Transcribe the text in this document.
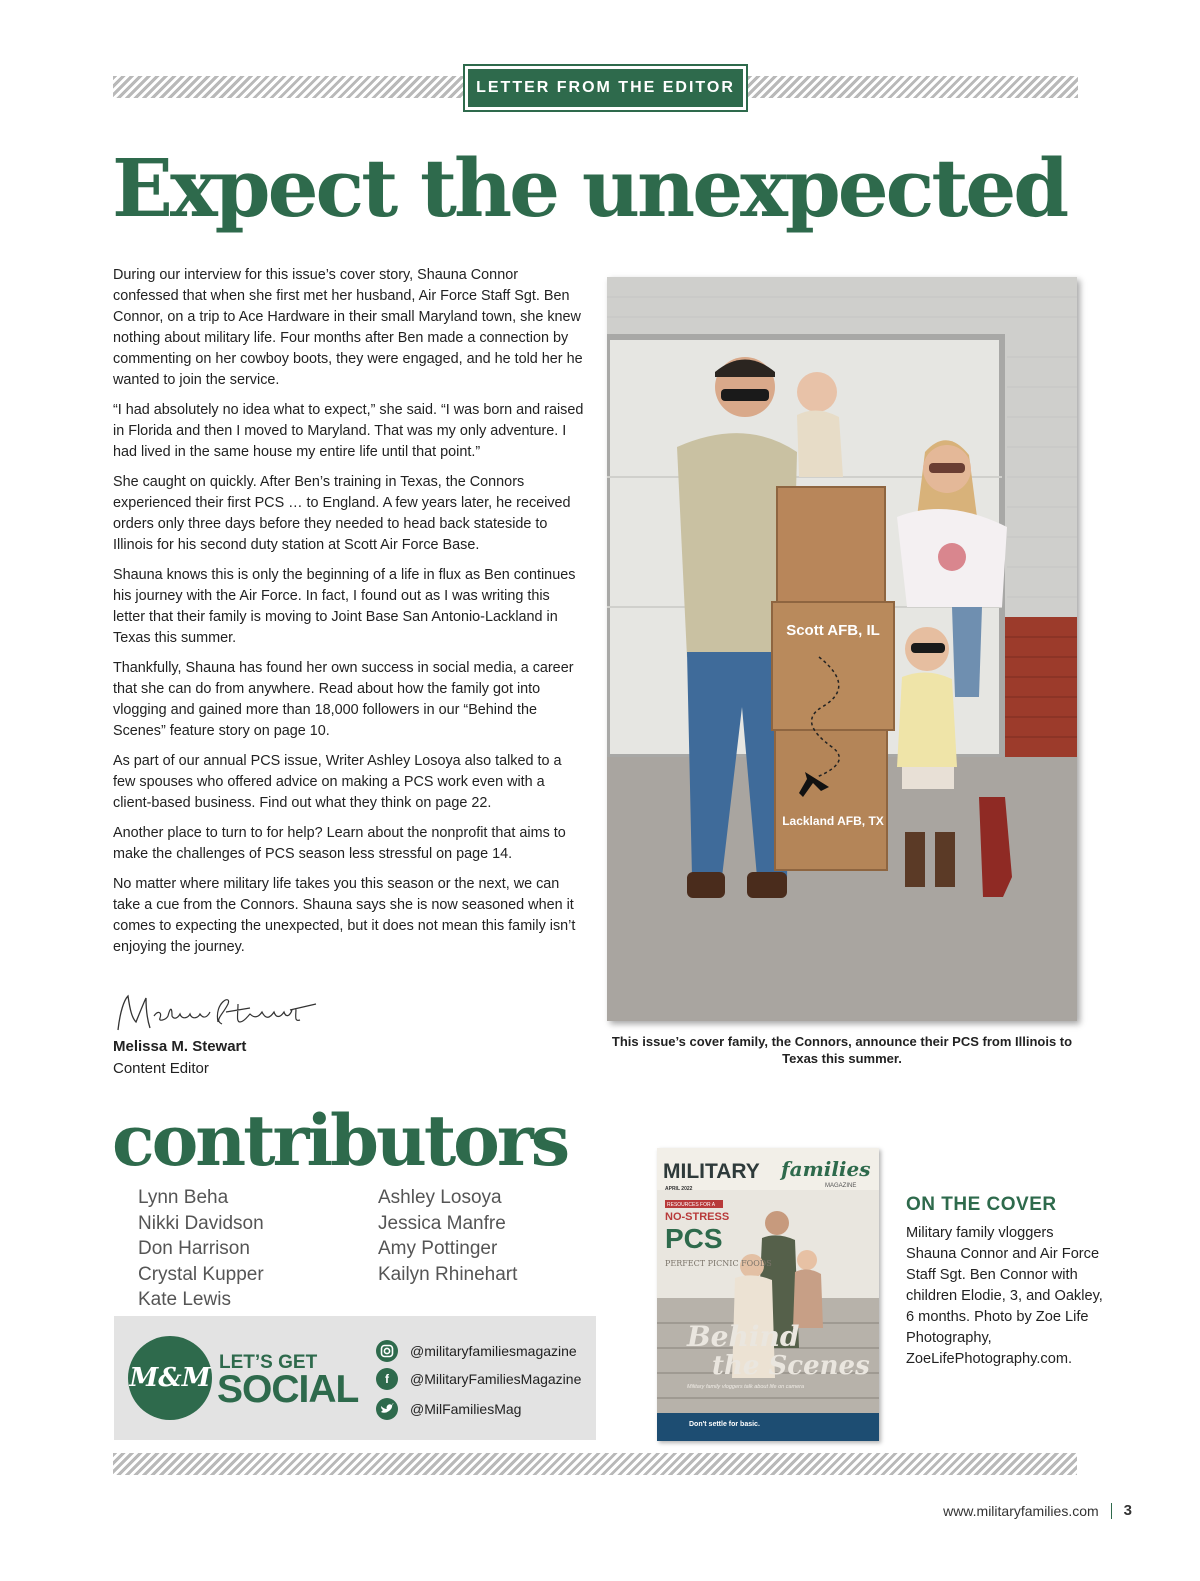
LETTER FROM THE EDITOR
Expect the unexpected

During our interview for this issue’s cover story, Shauna Connor confessed that when she first met her husband, Air Force Staff Sgt. Ben Connor, on a trip to Ace Hardware in their small Maryland town, she knew nothing about military life. Four months after Ben made a connection by commenting on her cowboy boots, they were engaged, and he told her he wanted to join the service.

“I had absolutely no idea what to expect,” she said. “I was born and raised in Florida and then I moved to Maryland. That was my only adventure. I had lived in the same house my entire life until that point.”

She caught on quickly. After Ben’s training in Texas, the Connors experienced their first PCS … to England. A few years later, he received orders only three days before they needed to head back stateside to Illinois for his second duty station at Scott Air Force Base.

Shauna knows this is only the beginning of a life in flux as Ben continues his journey with the Air Force. In fact, I found out as I was writing this letter that their family is moving to Joint Base San Antonio-Lackland in Texas this summer.

Thankfully, Shauna has found her own success in social media, a career that she can do from anywhere. Read about how the family got into vlogging and gained more than 18,000 followers in our “Behind the Scenes” feature story on page 10.

As part of our annual PCS issue, Writer Ashley Losoya also talked to a few spouses who offered advice on making a PCS work even with a client-based business. Find out what they think on page 22.

Another place to turn to for help? Learn about the nonprofit that aims to make the challenges of PCS season less stressful on page 14.

No matter where military life takes you this season or the next, we can take a cue from the Connors. Shauna says she is now seasoned when it comes to expecting the unexpected, but it does not mean this family isn’t enjoying the journey.

Melissa M. Stewart
Content Editor
Scott AFB, IL
Lackland AFB, TX
This issue’s cover family, the Connors, announce their PCS from Illinois to Texas this summer.
contributors
Lynn Beha
Nikki Davidson
Don Harrison
Crystal Kupper
Kate Lewis
Ashley Losoya
Jessica Manfre
Amy Pottinger
Kailyn Rhinehart
M&M
LET’S GET
SOCIAL
@militaryfamiliesmagazine
f	@MilitaryFamiliesMagazine
@MilFamiliesMag
MILITARY families
MAGAZINE
APRIL 2022
RESOURCES FOR A
NO-STRESS
PCS
PERFECT PICNIC FOODS
Behind
the Scenes
Military family vloggers talk about life on camera
Don't settle for basic.
ON THE COVER
Military family vloggers Shauna Connor and Air Force Staff Sgt. Ben Connor with children Elodie, 3, and Oakley, 6 months. Photo by Zoe Life Photography, ZoeLifePhotography.com.
www.militaryfamilies.com 3
